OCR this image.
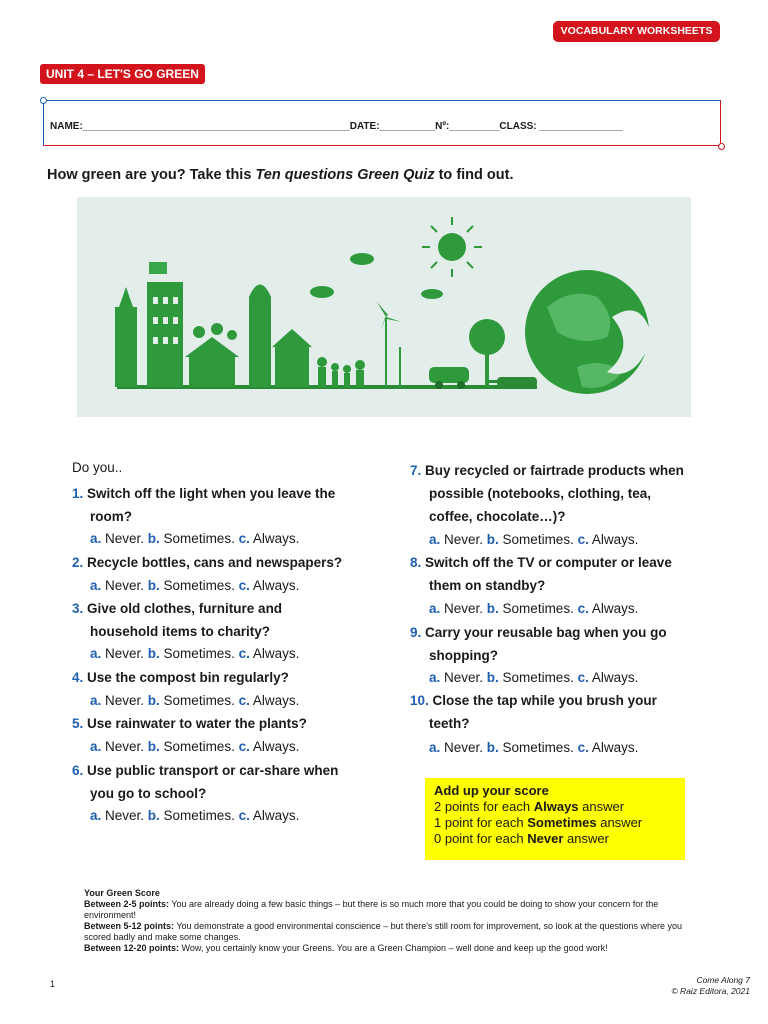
VOCABULARY WORKSHEETS
UNIT 4 – LET'S GO GREEN
NAME:________________________________________________DATE:__________Nº:_________CLASS: _______________
How green are you? Take this Ten questions Green Quiz to find out.
Do you..
1. Switch off the light when you leave the
room?
a. Never. b. Sometimes. c. Always.
2. Recycle bottles, cans and newspapers?
a. Never. b. Sometimes. c. Always.
3. Give old clothes, furniture and
household items to charity?
a. Never. b. Sometimes. c. Always.
4. Use the compost bin regularly?
a. Never. b. Sometimes. c. Always.
5. Use rainwater to water the plants?
a. Never. b. Sometimes. c. Always.
6. Use public transport or car-share when
you go to school?
a. Never. b. Sometimes. c. Always.
7. Buy recycled or fairtrade products when
possible (notebooks, clothing, tea,
coffee, chocolate…)?
a. Never. b. Sometimes. c. Always.
8. Switch off the TV or computer or leave
them on standby?
a. Never. b. Sometimes. c. Always.
9. Carry your reusable bag when you go
shopping?
a. Never. b. Sometimes. c. Always.
10. Close the tap while you brush your
teeth?
a. Never. b. Sometimes. c. Always.
Add up your score
2 points for each Always answer
1 point for each Sometimes answer
0 point for each Never answer
Your Green Score
Between 2-5 points: You are already doing a few basic things – but there is so much more that you could be doing to show your concern for the environment!
Between 5-12 points: You demonstrate a good environmental conscience – but there's still room for improvement, so look at the questions where you scored badly and make some changes.
Between 12-20 points: Wow, you certainly know your Greens. You are a Green Champion – well done and keep up the good work!
1	Come Along 7
© Raiz Editora, 2021
